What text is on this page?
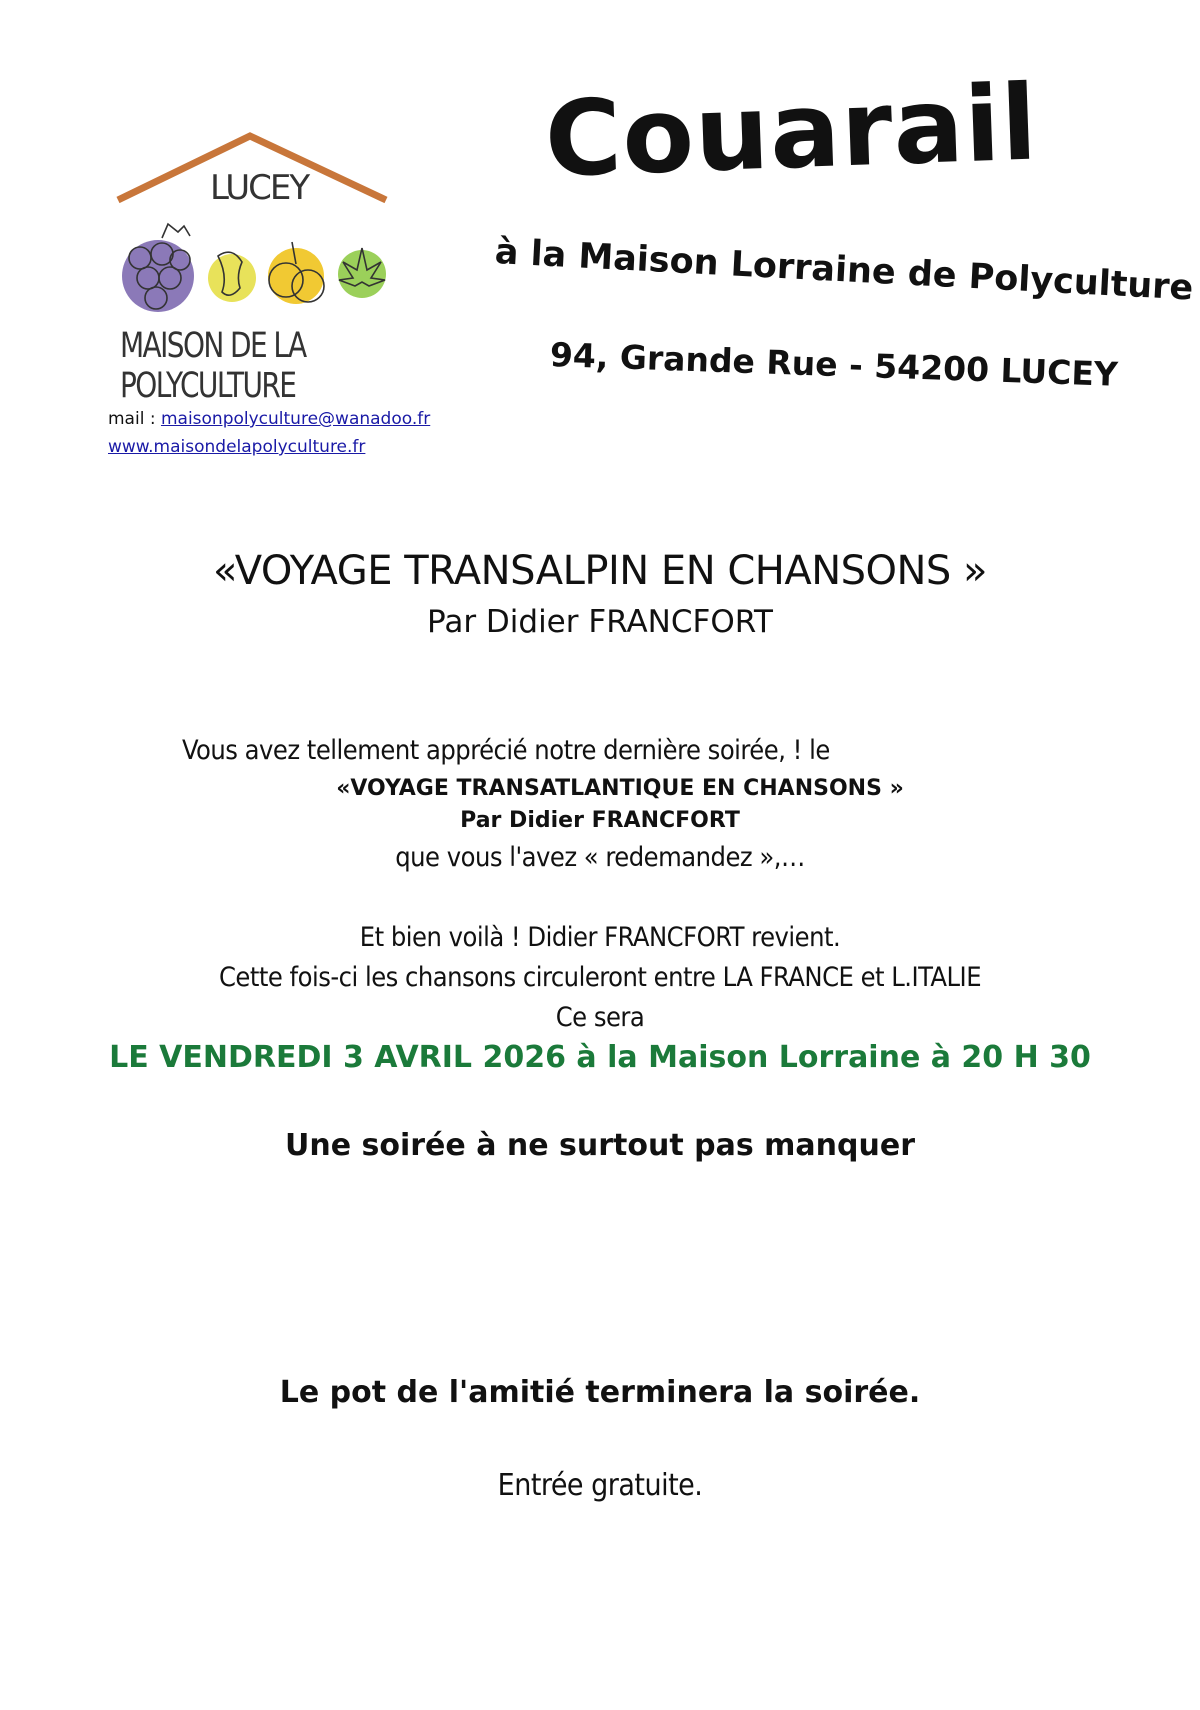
LUCEY
MAISON DE LA POLYCULTURE
mail : maisonpolyculture@wanadoo.fr
www.maisondelapolyculture.fr
Couarail
à la Maison Lorraine de Polyculture
94, Grande Rue - 54200 LUCEY
«VOYAGE TRANSALPIN EN CHANSONS »
Par Didier FRANCFORT
Vous avez tellement apprécié notre dernière soirée, ! le
«VOYAGE TRANSATLANTIQUE EN CHANSONS »
Par Didier FRANCFORT
que vous l'avez « redemandez »,…
Et bien voilà ! Didier FRANCFORT revient.
Cette fois-ci les chansons circuleront entre LA FRANCE et L.ITALIE
Ce sera
LE VENDREDI 3 AVRIL 2026 à la Maison Lorraine à 20 H 30
Une soirée à ne surtout pas manquer
Le pot de l'amitié terminera la soirée.
Entrée gratuite.
